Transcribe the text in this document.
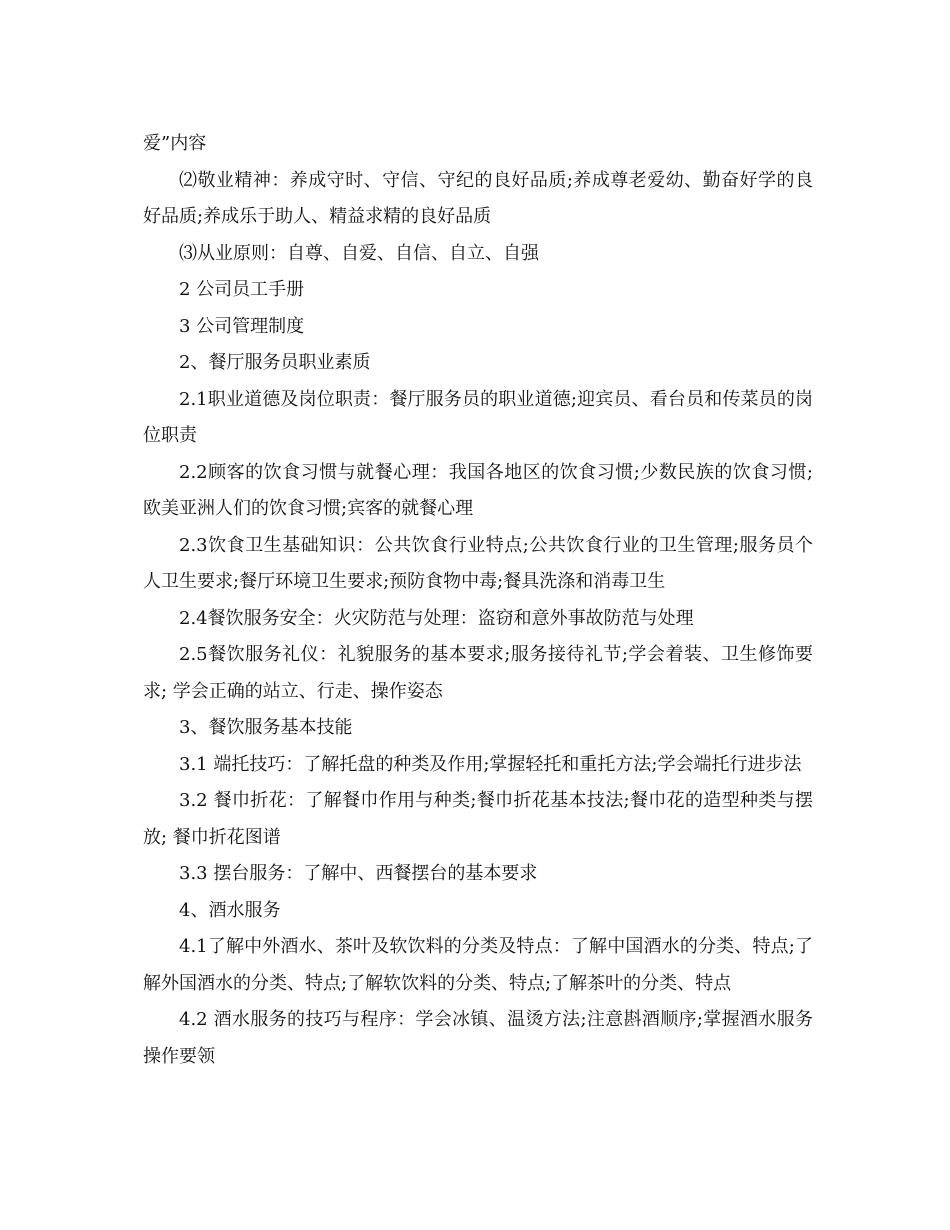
爱”内容

⑵敬业精神：养成守时、守信、守纪的良好品质;养成尊老爱幼、勤奋好学的良好品质;养成乐于助人、精益求精的良好品质

⑶从业原则：自尊、自爱、自信、自立、自强

2 公司员工手册

3 公司管理制度

2、餐厅服务员职业素质

2.1职业道德及岗位职责：餐厅服务员的职业道德;迎宾员、看台员和传菜员的岗位职责

2.2顾客的饮食习惯与就餐心理：我国各地区的饮食习惯;少数民族的饮食习惯;欧美亚洲人们的饮食习惯;宾客的就餐心理

2.3饮食卫生基础知识：公共饮食行业特点;公共饮食行业的卫生管理;服务员个人卫生要求;餐厅环境卫生要求;预防食物中毒;餐具洗涤和消毒卫生

2.4餐饮服务安全：火灾防范与处理：盗窃和意外事故防范与处理

2.5餐饮服务礼仪：礼貌服务的基本要求;服务接待礼节;学会着装、卫生修饰要求; 学会正确的站立、行走、操作姿态

3、餐饮服务基本技能

3.1 端托技巧：了解托盘的种类及作用;掌握轻托和重托方法;学会端托行进步法

3.2 餐巾折花：了解餐巾作用与种类;餐巾折花基本技法;餐巾花的造型种类与摆放; 餐巾折花图谱

3.3 摆台服务：了解中、西餐摆台的基本要求

4、酒水服务

4.1了解中外酒水、茶叶及软饮料的分类及特点：了解中国酒水的分类、特点;了解外国酒水的分类、特点;了解软饮料的分类、特点;了解茶叶的分类、特点

4.2 酒水服务的技巧与程序：学会冰镇、温烫方法;注意斟酒顺序;掌握酒水服务操作要领
